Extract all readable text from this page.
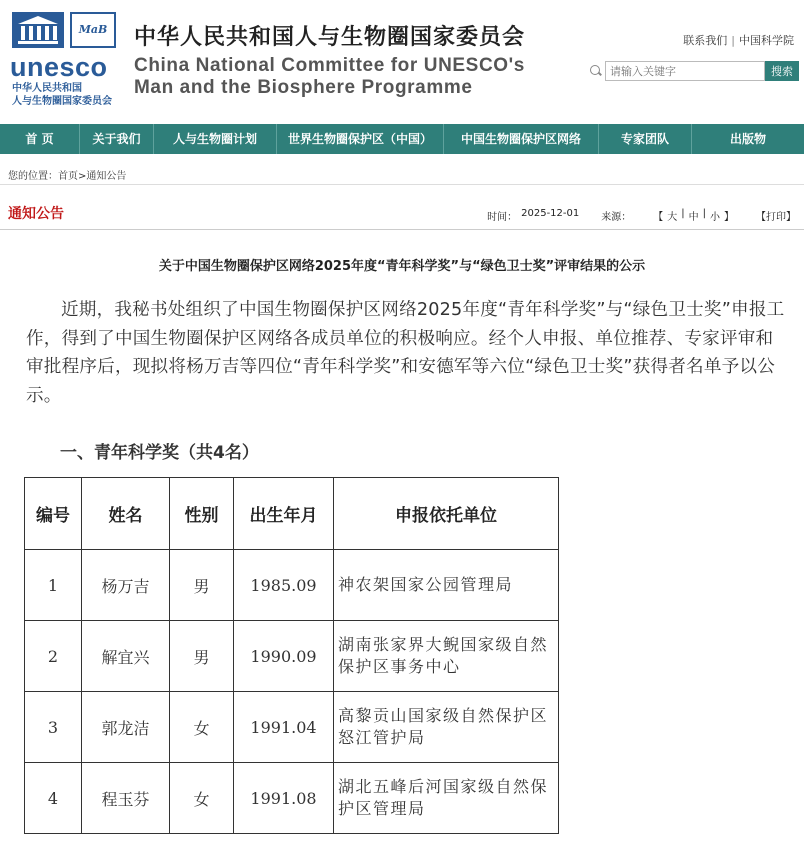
MaB
unesco
中华人民共和国
人与生物圈国家委员会
中华人民共和国人与生物圈国家委员会
China National Committee for UNESCO's
Man and the Biosphere Programme
联系我们 | 中国科学院
请输入关键字
搜索
首 页	关于我们	人与生物圈计划	世界生物圈保护区（中国）	中国生物圈保护区网络	专家团队	出版物
您的位置：首页>通知公告
通知公告	时间： 2025-12-01 来源： 【 大 | 中 | 小 】 【打印】
关于中国生物圈保护区网络2025年度“青年科学奖”与“绿色卫士奖”评审结果的公示

近期，我秘书处组织了中国生物圈保护区网络2025年度“青年科学奖”与“绿色卫士奖”申报工作，得到了中国生物圈保护区网络各成员单位的积极响应。经个人申报、单位推荐、专家评审和审批程序后，现拟将杨万吉等四位“青年科学奖”和安德军等六位“绿色卫士奖”获得者名单予以公示。

一、青年科学奖（共4名）
编号	姓名	性别	出生年月	申报依托单位
1	杨万吉	男	1985.09	神农架国家公园管理局
2	解宜兴	男	1990.09	湖南张家界大鲵国家级自然保护区事务中心
3	郭龙洁	女	1991.04	高黎贡山国家级自然保护区怒江管护局
4	程玉芬	女	1991.08	湖北五峰后河国家级自然保护区管理局
